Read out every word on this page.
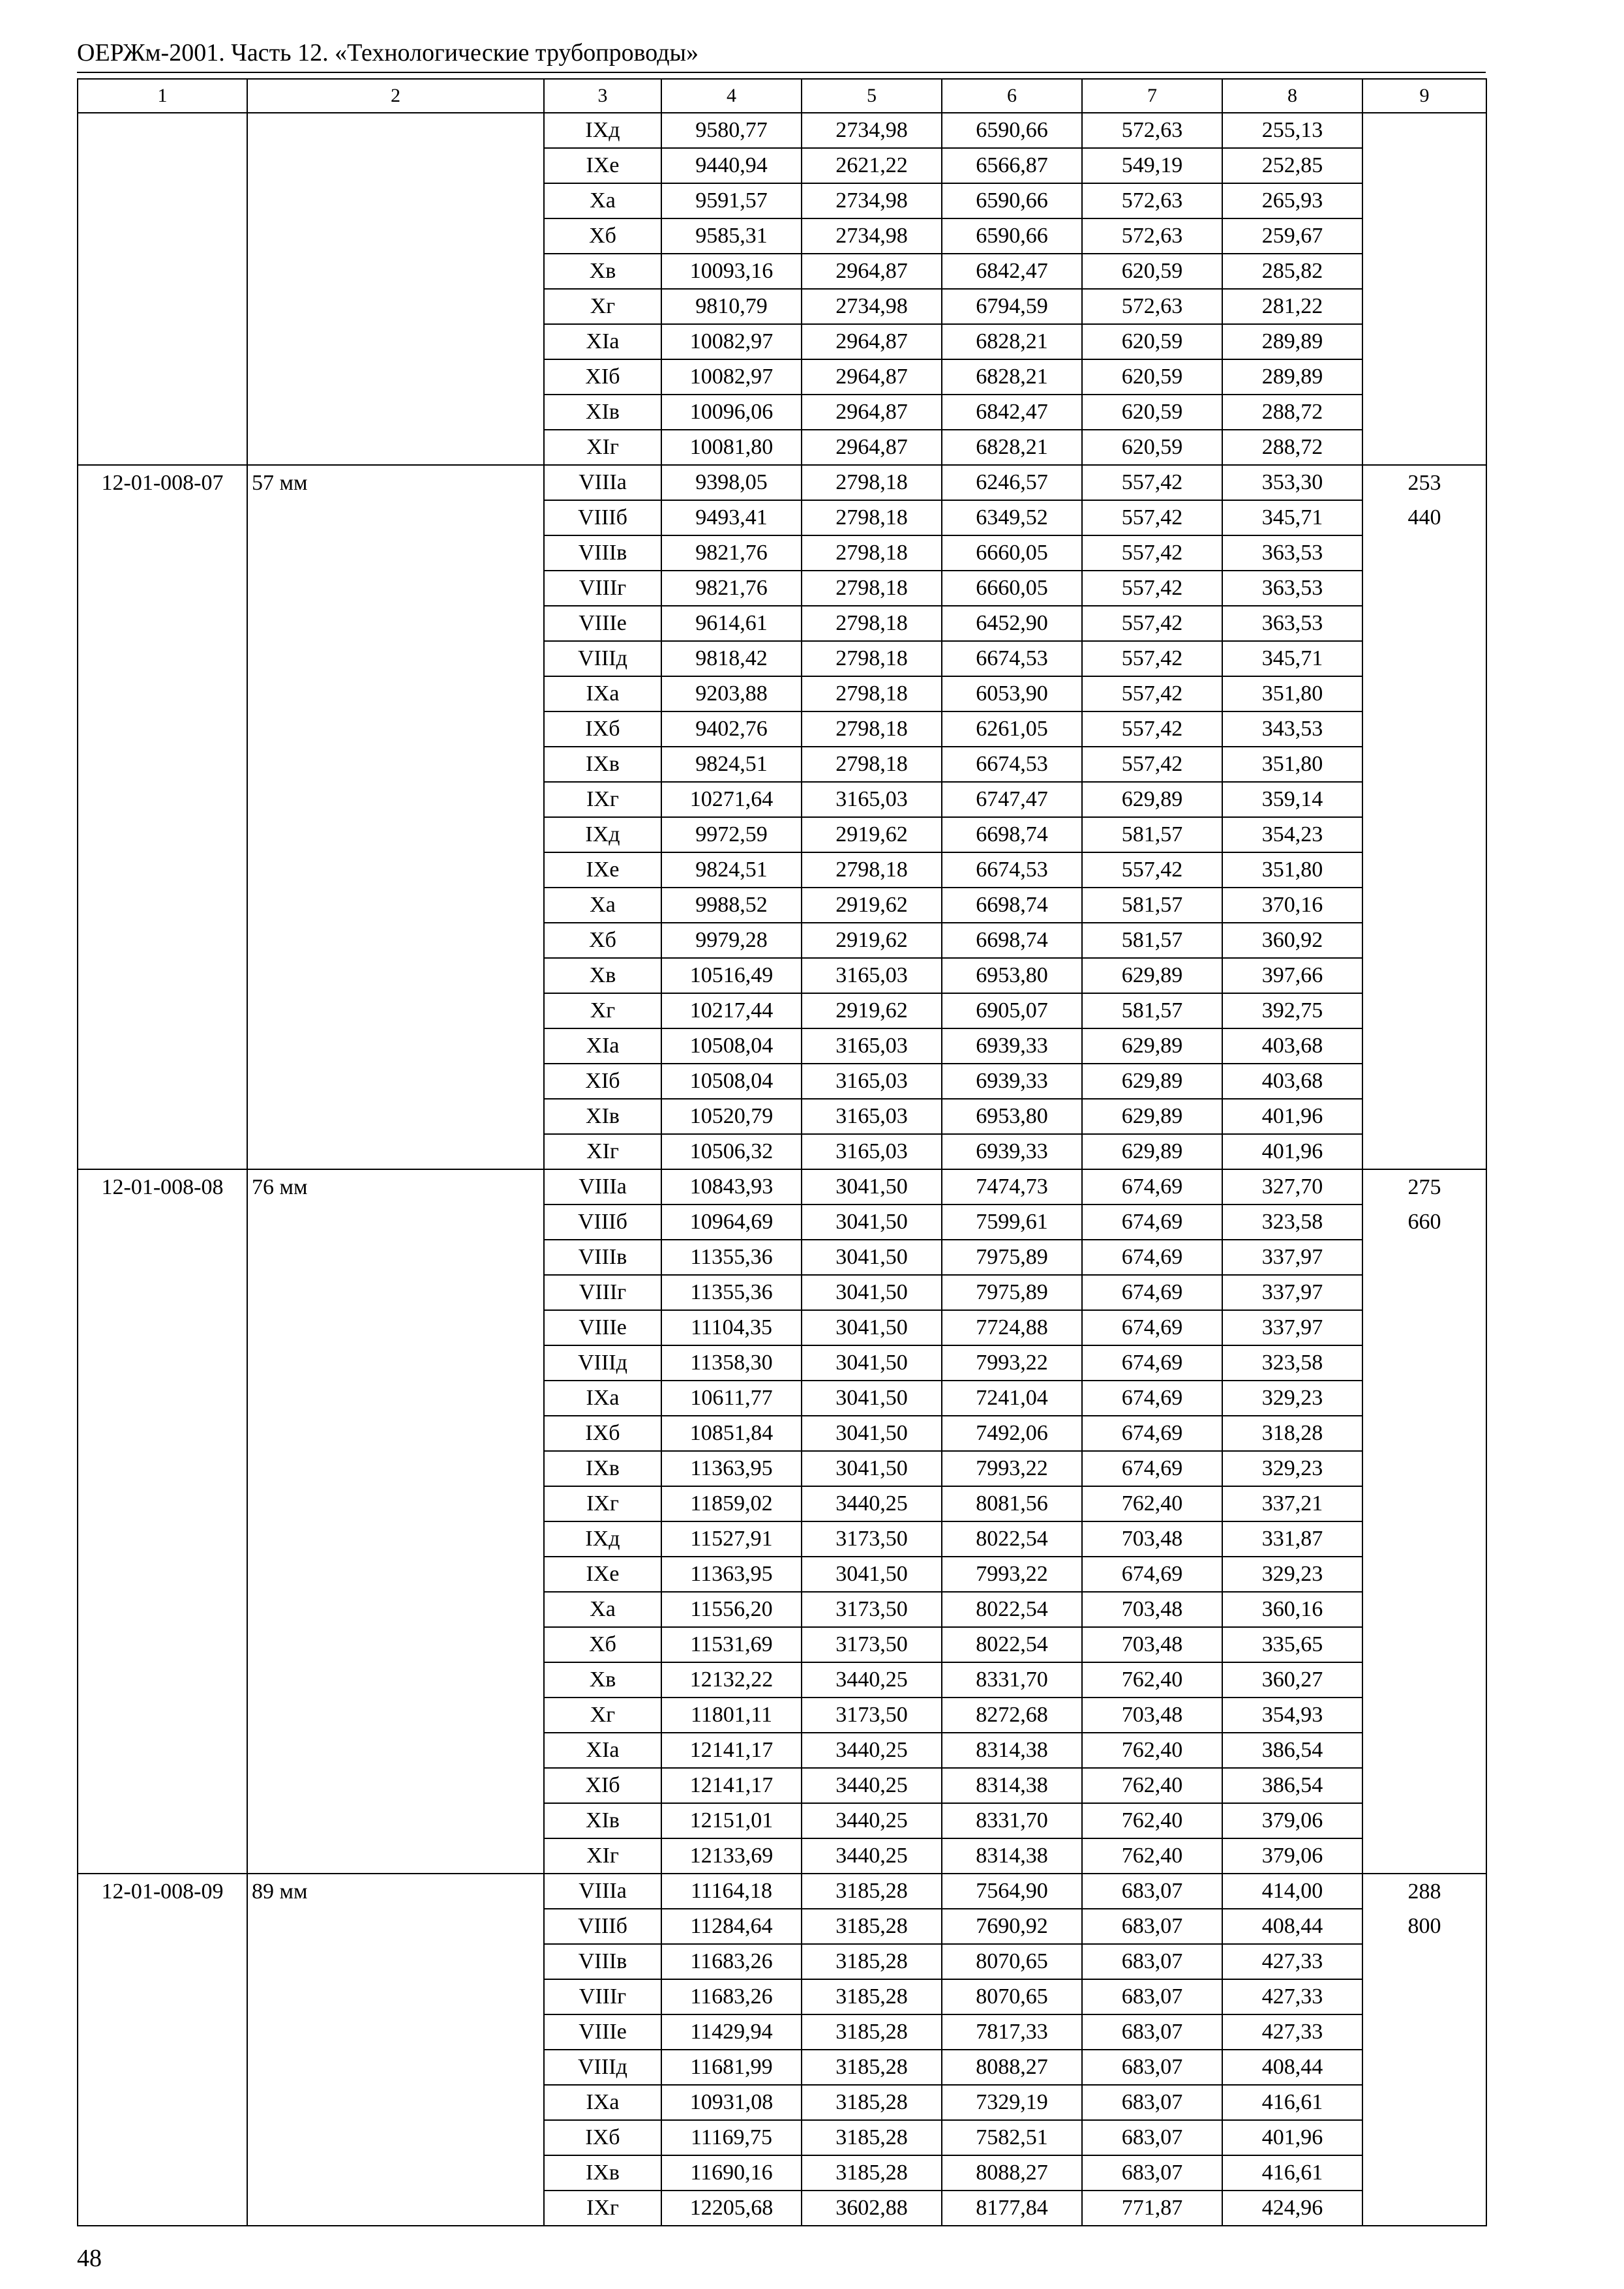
ОЕРЖм-2001. Часть 12. «Технологические трубопроводы»
1	2	3	4	5	6	7	8	9
		IXд	9580,77	2734,98	6590,66	572,63	255,13	
		IXе	9440,94	2621,22	6566,87	549,19	252,85	
		Xа	9591,57	2734,98	6590,66	572,63	265,93	
		Xб	9585,31	2734,98	6590,66	572,63	259,67	
		Xв	10093,16	2964,87	6842,47	620,59	285,82	
		Xг	9810,79	2734,98	6794,59	572,63	281,22	
		XIа	10082,97	2964,87	6828,21	620,59	289,89	
		XIб	10082,97	2964,87	6828,21	620,59	289,89	
		XIв	10096,06	2964,87	6842,47	620,59	288,72	
		XIг	10081,80	2964,87	6828,21	620,59	288,72	
12-01-008-07	57 мм	VIIIа	9398,05	2798,18	6246,57	557,42	353,30	253
		VIIIб	9493,41	2798,18	6349,52	557,42	345,71	440
		VIIIв	9821,76	2798,18	6660,05	557,42	363,53	
		VIIIг	9821,76	2798,18	6660,05	557,42	363,53	
		VIIIе	9614,61	2798,18	6452,90	557,42	363,53	
		VIIIд	9818,42	2798,18	6674,53	557,42	345,71	
		IXа	9203,88	2798,18	6053,90	557,42	351,80	
		IXб	9402,76	2798,18	6261,05	557,42	343,53	
		IXв	9824,51	2798,18	6674,53	557,42	351,80	
		IXг	10271,64	3165,03	6747,47	629,89	359,14	
		IXд	9972,59	2919,62	6698,74	581,57	354,23	
		IXе	9824,51	2798,18	6674,53	557,42	351,80	
		Xа	9988,52	2919,62	6698,74	581,57	370,16	
		Xб	9979,28	2919,62	6698,74	581,57	360,92	
		Xв	10516,49	3165,03	6953,80	629,89	397,66	
		Xг	10217,44	2919,62	6905,07	581,57	392,75	
		XIа	10508,04	3165,03	6939,33	629,89	403,68	
		XIб	10508,04	3165,03	6939,33	629,89	403,68	
		XIв	10520,79	3165,03	6953,80	629,89	401,96	
		XIг	10506,32	3165,03	6939,33	629,89	401,96	
12-01-008-08	76 мм	VIIIа	10843,93	3041,50	7474,73	674,69	327,70	275
		VIIIб	10964,69	3041,50	7599,61	674,69	323,58	660
		VIIIв	11355,36	3041,50	7975,89	674,69	337,97	
		VIIIг	11355,36	3041,50	7975,89	674,69	337,97	
		VIIIе	11104,35	3041,50	7724,88	674,69	337,97	
		VIIIд	11358,30	3041,50	7993,22	674,69	323,58	
		IXа	10611,77	3041,50	7241,04	674,69	329,23	
		IXб	10851,84	3041,50	7492,06	674,69	318,28	
		IXв	11363,95	3041,50	7993,22	674,69	329,23	
		IXг	11859,02	3440,25	8081,56	762,40	337,21	
		IXд	11527,91	3173,50	8022,54	703,48	331,87	
		IXе	11363,95	3041,50	7993,22	674,69	329,23	
		Xа	11556,20	3173,50	8022,54	703,48	360,16	
		Xб	11531,69	3173,50	8022,54	703,48	335,65	
		Xв	12132,22	3440,25	8331,70	762,40	360,27	
		Xг	11801,11	3173,50	8272,68	703,48	354,93	
		XIа	12141,17	3440,25	8314,38	762,40	386,54	
		XIб	12141,17	3440,25	8314,38	762,40	386,54	
		XIв	12151,01	3440,25	8331,70	762,40	379,06	
		XIг	12133,69	3440,25	8314,38	762,40	379,06	
12-01-008-09	89 мм	VIIIа	11164,18	3185,28	7564,90	683,07	414,00	288
		VIIIб	11284,64	3185,28	7690,92	683,07	408,44	800
		VIIIв	11683,26	3185,28	8070,65	683,07	427,33	
		VIIIг	11683,26	3185,28	8070,65	683,07	427,33	
		VIIIе	11429,94	3185,28	7817,33	683,07	427,33	
		VIIIд	11681,99	3185,28	8088,27	683,07	408,44	
		IXа	10931,08	3185,28	7329,19	683,07	416,61	
		IXб	11169,75	3185,28	7582,51	683,07	401,96	
		IXв	11690,16	3185,28	8088,27	683,07	416,61	
		IXг	12205,68	3602,88	8177,84	771,87	424,96	
48
